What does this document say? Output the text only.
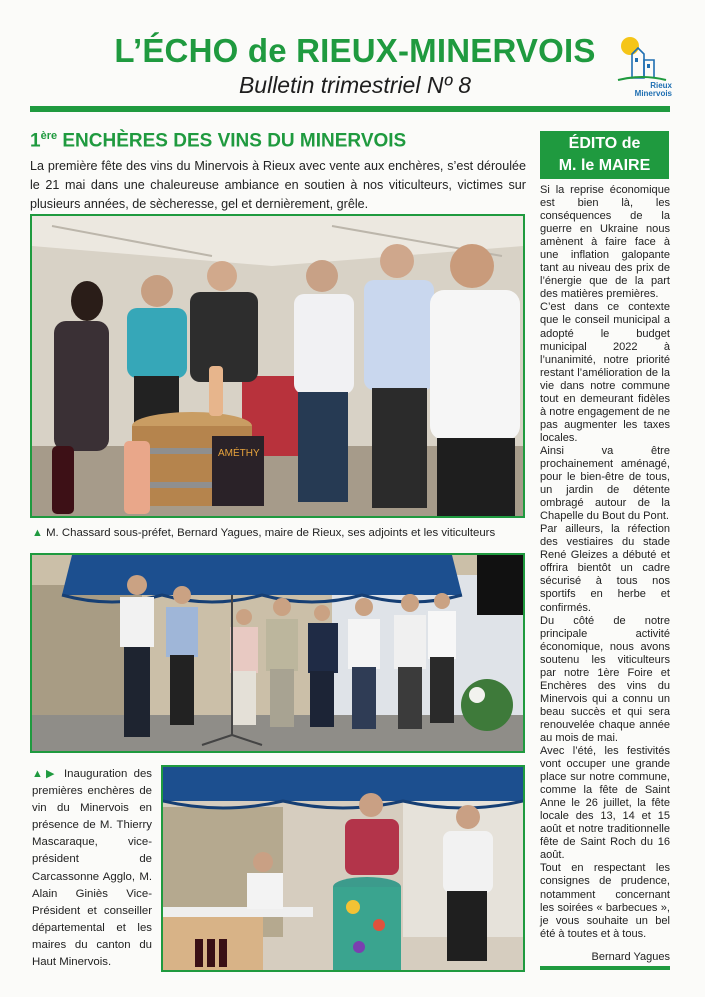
L’ÉCHO de RIEUX-MINERVOIS
Bulletin trimestriel Nº 8	Rieux
Minervois
1ère ENCHÈRES DES VINS DU MINERVOIS
La première fête des vins du Minervois à Rieux avec vente aux enchères, s’est déroulée le 21 mai dans une chaleureuse ambiance en soutien à nos viticulteurs, victimes sur plusieurs années, de sècheresse, gel et dernièrement, grêle.
AMÉTHY
▲ M. Chassard sous-préfet, Bernard Yagues, maire de Rieux, ses adjoints et les viticulteurs
▲▶ Inauguration des premières enchères de vin du Minervois en présence de M. Thierry Mascaraque, vice-président de Carcassonne Agglo, M. Alain Giniès Vice-Président et conseiller départemental et les maires du canton du Haut Minervois.
ÉDITO de
M. le MAIRE

Si la reprise économique est bien là, les conséquences de la guerre en Ukraine nous amènent à faire face à une inflation galopante tant au niveau des prix de l’énergie que de la part des matières premières.

C’est dans ce contexte que le conseil municipal a adopté le budget municipal 2022 à l’unanimité, notre priorité restant l’amélioration de la vie dans notre commune tout en demeurant fidèles à notre engagement de ne pas augmenter les taxes locales.

Ainsi va être prochainement aménagé, pour le bien-être de tous, un jardin de détente ombragé autour de la Chapelle du Bout du Pont.

Par ailleurs, la réfection des vestiaires du stade René Gleizes a débuté et offrira bientôt un cadre sécurisé à tous nos sportifs en herbe et confirmés.

Du côté de notre principale activité économique, nous avons soutenu les viticulteurs par notre 1ère Foire et Enchères des vins du Minervois qui a connu un beau succès et qui sera renouvelée chaque année au mois de mai.

Avec l’été, les festivités vont occuper une grande place sur notre commune, comme la fête de Saint Anne le 26 juillet, la fête locale des 13, 14 et 15 août et notre traditionnelle fête de Saint Roch du 16 août.

Tout en respectant les consignes de prudence, notamment concernant les soirées « barbecues », je vous souhaite un bel été à toutes et à tous.

Bernard Yagues
